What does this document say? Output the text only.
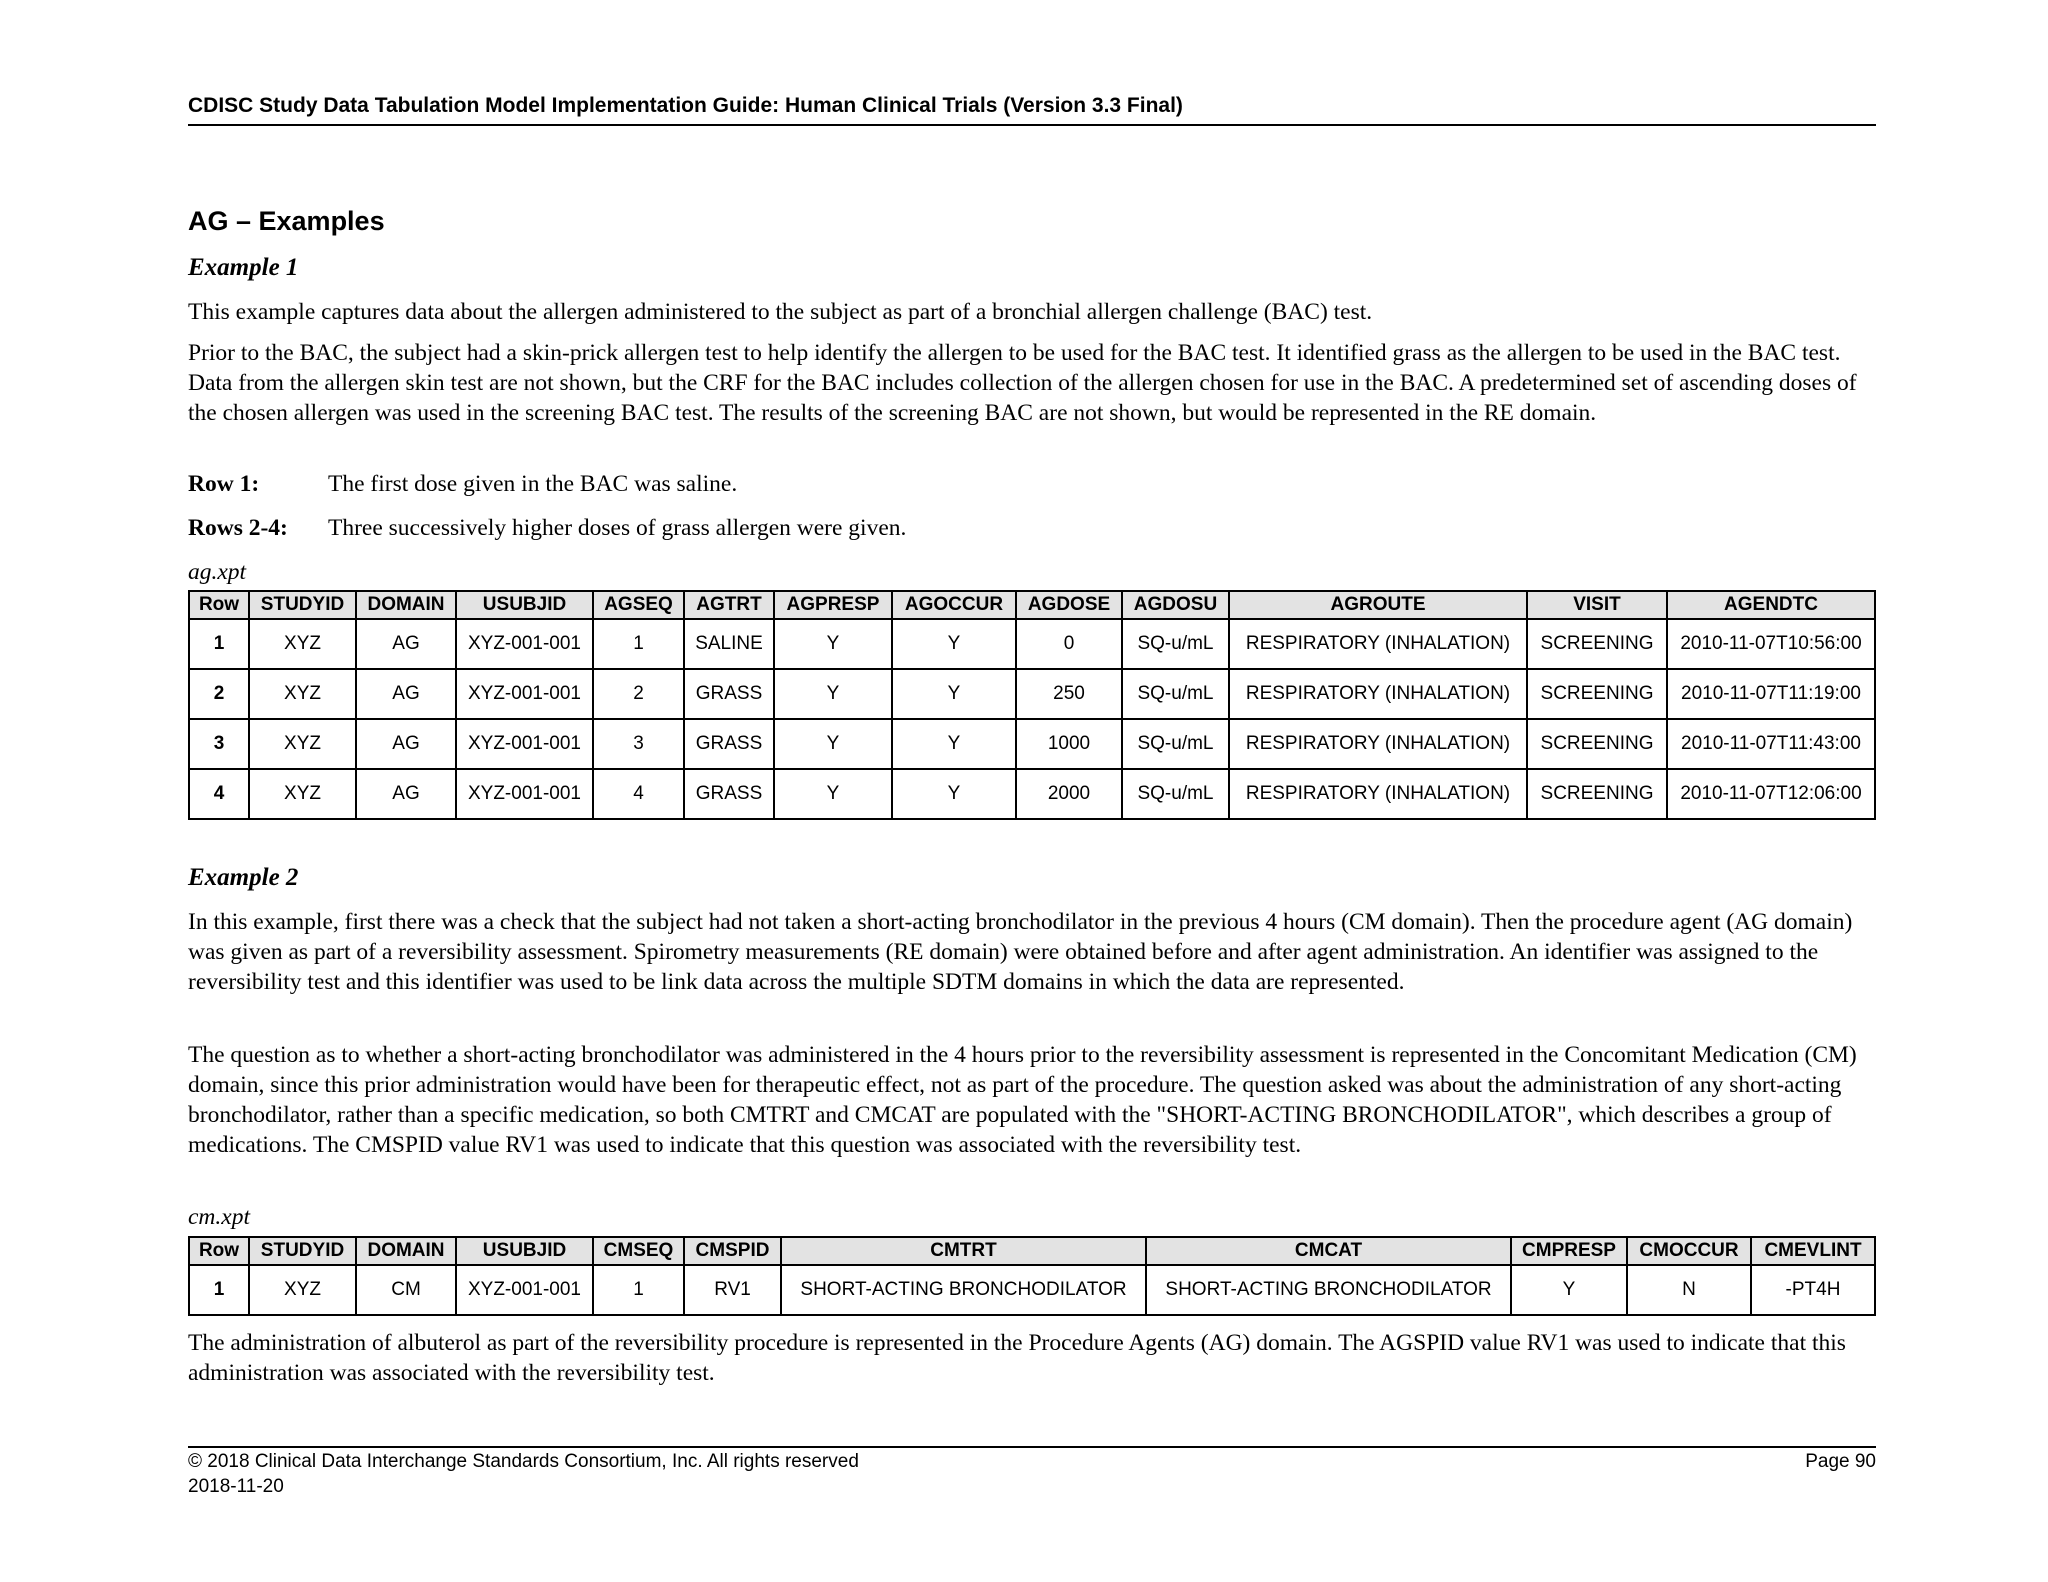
CDISC Study Data Tabulation Model Implementation Guide: Human Clinical Trials (Version 3.3 Final)
AG – Examples
Example 1
This example captures data about the allergen administered to the subject as part of a bronchial allergen challenge (BAC) test.
Prior to the BAC, the subject had a skin-prick allergen test to help identify the allergen to be used for the BAC test. It identified grass as the allergen to be used in the BAC test. Data from the allergen skin test are not shown, but the CRF for the BAC includes collection of the allergen chosen for use in the BAC. A predetermined set of ascending doses of the chosen allergen was used in the screening BAC test. The results of the screening BAC are not shown, but would be represented in the RE domain.
Row 1:	The first dose given in the BAC was saline.
Rows 2-4: Three successively higher doses of grass allergen were given.
ag.xpt
Row	STUDYID	DOMAIN	USUBJID	AGSEQ	AGTRT	AGPRESP	AGOCCUR	AGDOSE	AGDOSU	AGROUTE	VISIT	AGENDTC
1	XYZ	AG	XYZ-001-001	1	SALINE	Y	Y	0	SQ-u/mL	RESPIRATORY (INHALATION)	SCREENING	2010-11-07T10:56:00
2	XYZ	AG	XYZ-001-001	2	GRASS	Y	Y	250	SQ-u/mL	RESPIRATORY (INHALATION)	SCREENING	2010-11-07T11:19:00
3	XYZ	AG	XYZ-001-001	3	GRASS	Y	Y	1000	SQ-u/mL	RESPIRATORY (INHALATION)	SCREENING	2010-11-07T11:43:00
4	XYZ	AG	XYZ-001-001	4	GRASS	Y	Y	2000	SQ-u/mL	RESPIRATORY (INHALATION)	SCREENING	2010-11-07T12:06:00
Example 2
In this example, first there was a check that the subject had not taken a short-acting bronchodilator in the previous 4 hours (CM domain). Then the procedure agent (AG domain) was given as part of a reversibility assessment. Spirometry measurements (RE domain) were obtained before and after agent administration. An identifier was assigned to the reversibility test and this identifier was used to be link data across the multiple SDTM domains in which the data are represented.
The question as to whether a short-acting bronchodilator was administered in the 4 hours prior to the reversibility assessment is represented in the Concomitant Medication (CM) domain, since this prior administration would have been for therapeutic effect, not as part of the procedure. The question asked was about the administration of any short-acting bronchodilator, rather than a specific medication, so both CMTRT and CMCAT are populated with the "SHORT-ACTING BRONCHODILATOR", which describes a group of medications. The CMSPID value RV1 was used to indicate that this question was associated with the reversibility test.
cm.xpt
Row	STUDYID	DOMAIN	USUBJID	CMSEQ	CMSPID	CMTRT	CMCAT	CMPRESP	CMOCCUR	CMEVLINT
1	XYZ	CM	XYZ-001-001	1	RV1	SHORT-ACTING BRONCHODILATOR	SHORT-ACTING BRONCHODILATOR	Y	N	-PT4H
The administration of albuterol as part of the reversibility procedure is represented in the Procedure Agents (AG) domain. The AGSPID value RV1 was used to indicate that this administration was associated with the reversibility test.
© 2018 Clinical Data Interchange Standards Consortium, Inc. All rights reserved
2018-11-20
Page 90
